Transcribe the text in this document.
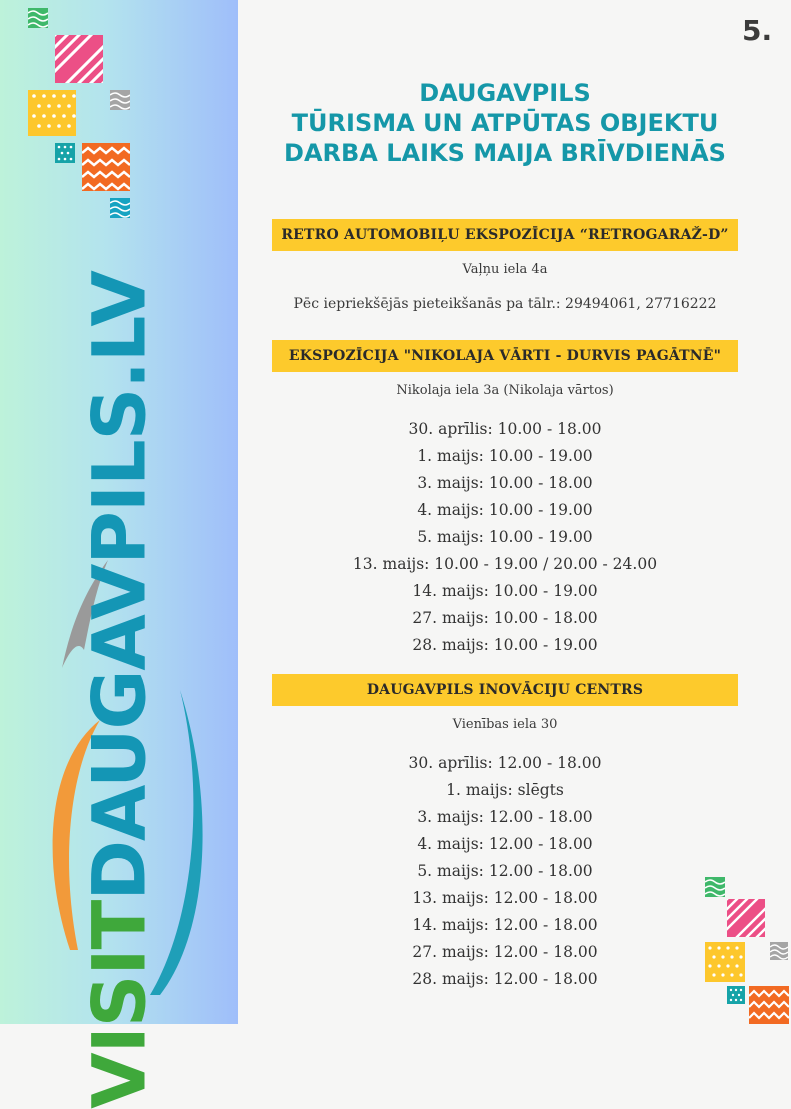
VISITDAUGAVPILS.LV
5.
DAUGAVPILS
TŪRISMA UN ATPŪTAS OBJEKTU
DARBA LAIKS MAIJA BRĪVDIENĀS
RETRO AUTOMOBIĻU EKSPOZĪCIJA “RETROGARAŽ-D”
Vaļņu iela 4a
Pēc iepriekšējās pieteikšanās pa tālr.: 29494061, 27716222
EKSPOZĪCIJA "NIKOLAJA VĀRTI - DURVIS PAGĀTNĒ"
Nikolaja iela 3a (Nikolaja vārtos)
30. aprīlis: 10.00 - 18.00
1. maijs: 10.00 - 19.00
3. maijs: 10.00 - 18.00
4. maijs: 10.00 - 19.00
5. maijs: 10.00 - 19.00
13. maijs: 10.00 - 19.00 / 20.00 - 24.00
14. maijs: 10.00 - 19.00
27. maijs: 10.00 - 18.00
28. maijs: 10.00 - 19.00
DAUGAVPILS INOVĀCIJU CENTRS
Vienības iela 30
30. aprīlis: 12.00 - 18.00
1. maijs: slēgts
3. maijs: 12.00 - 18.00
4. maijs: 12.00 - 18.00
5. maijs: 12.00 - 18.00
13. maijs: 12.00 - 18.00
14. maijs: 12.00 - 18.00
27. maijs: 12.00 - 18.00
28. maijs: 12.00 - 18.00
